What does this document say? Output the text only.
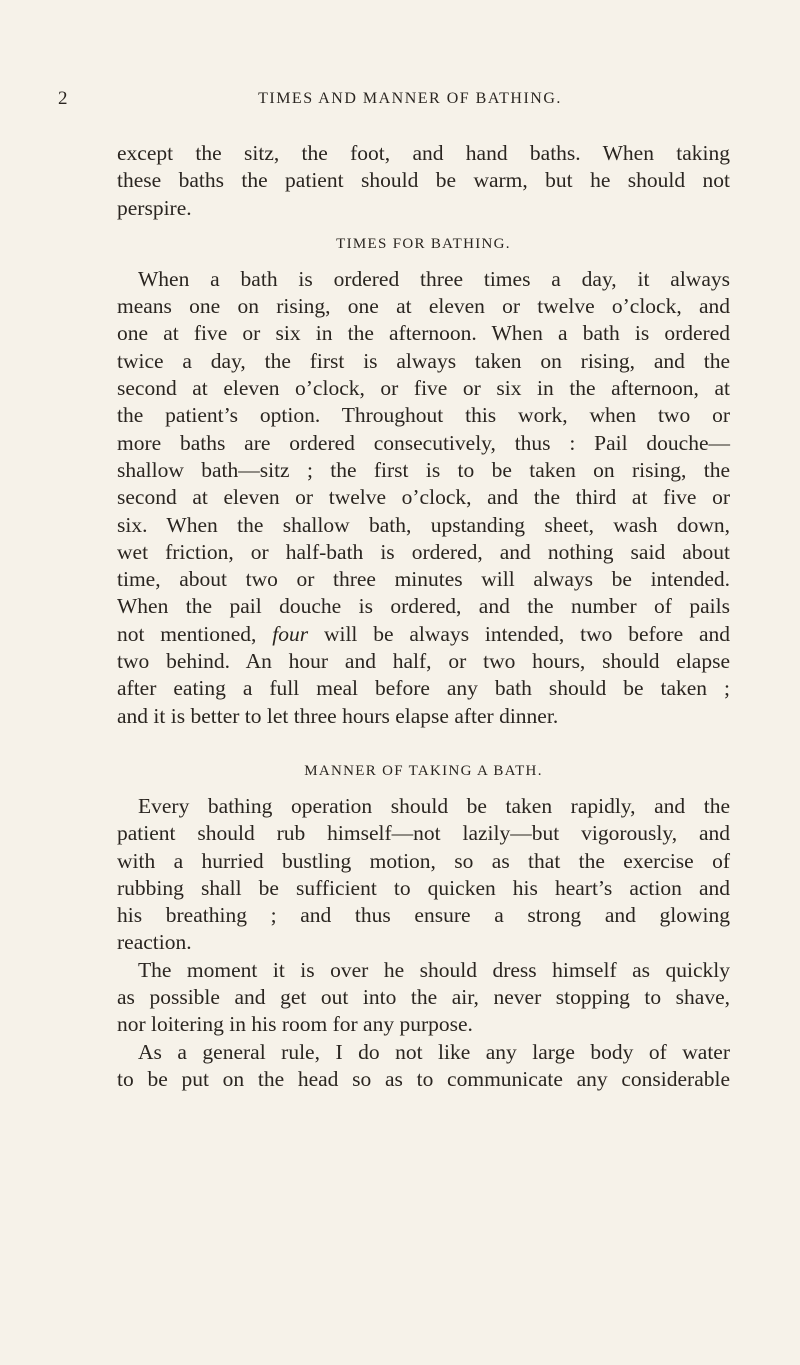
2	TIMES AND MANNER OF BATHING.
except the sitz, the foot, and hand baths. When taking
these baths the patient should be warm, but he should not
perspire.
TIMES FOR BATHING.
When a bath is ordered three times a day, it always
means one on rising, one at eleven or twelve o’clock, and
one at five or six in the afternoon. When a bath is ordered
twice a day, the first is always taken on rising, and the
second at eleven o’clock, or five or six in the afternoon, at
the patient’s option. Throughout this work, when two or
more baths are ordered consecutively, thus : Pail douche—
shallow bath—sitz ; the first is to be taken on rising, the
second at eleven or twelve o’clock, and the third at five or
six. When the shallow bath, upstanding sheet, wash down,
wet friction, or half-bath is ordered, and nothing said about
time, about two or three minutes will always be intended.
When the pail douche is ordered, and the number of pails
not mentioned, four will be always intended, two before and
two behind. An hour and half, or two hours, should elapse
after eating a full meal before any bath should be taken ;
and it is better to let three hours elapse after dinner.
MANNER OF TAKING A BATH.
Every bathing operation should be taken rapidly, and the
patient should rub himself—not lazily—but vigorously, and
with a hurried bustling motion, so as that the exercise of
rubbing shall be sufficient to quicken his heart’s action and
his breathing ; and thus ensure a strong and glowing
reaction.
The moment it is over he should dress himself as quickly
as possible and get out into the air, never stopping to shave,
nor loitering in his room for any purpose.
As a general rule, I do not like any large body of water
to be put on the head so as to communicate any considerable
